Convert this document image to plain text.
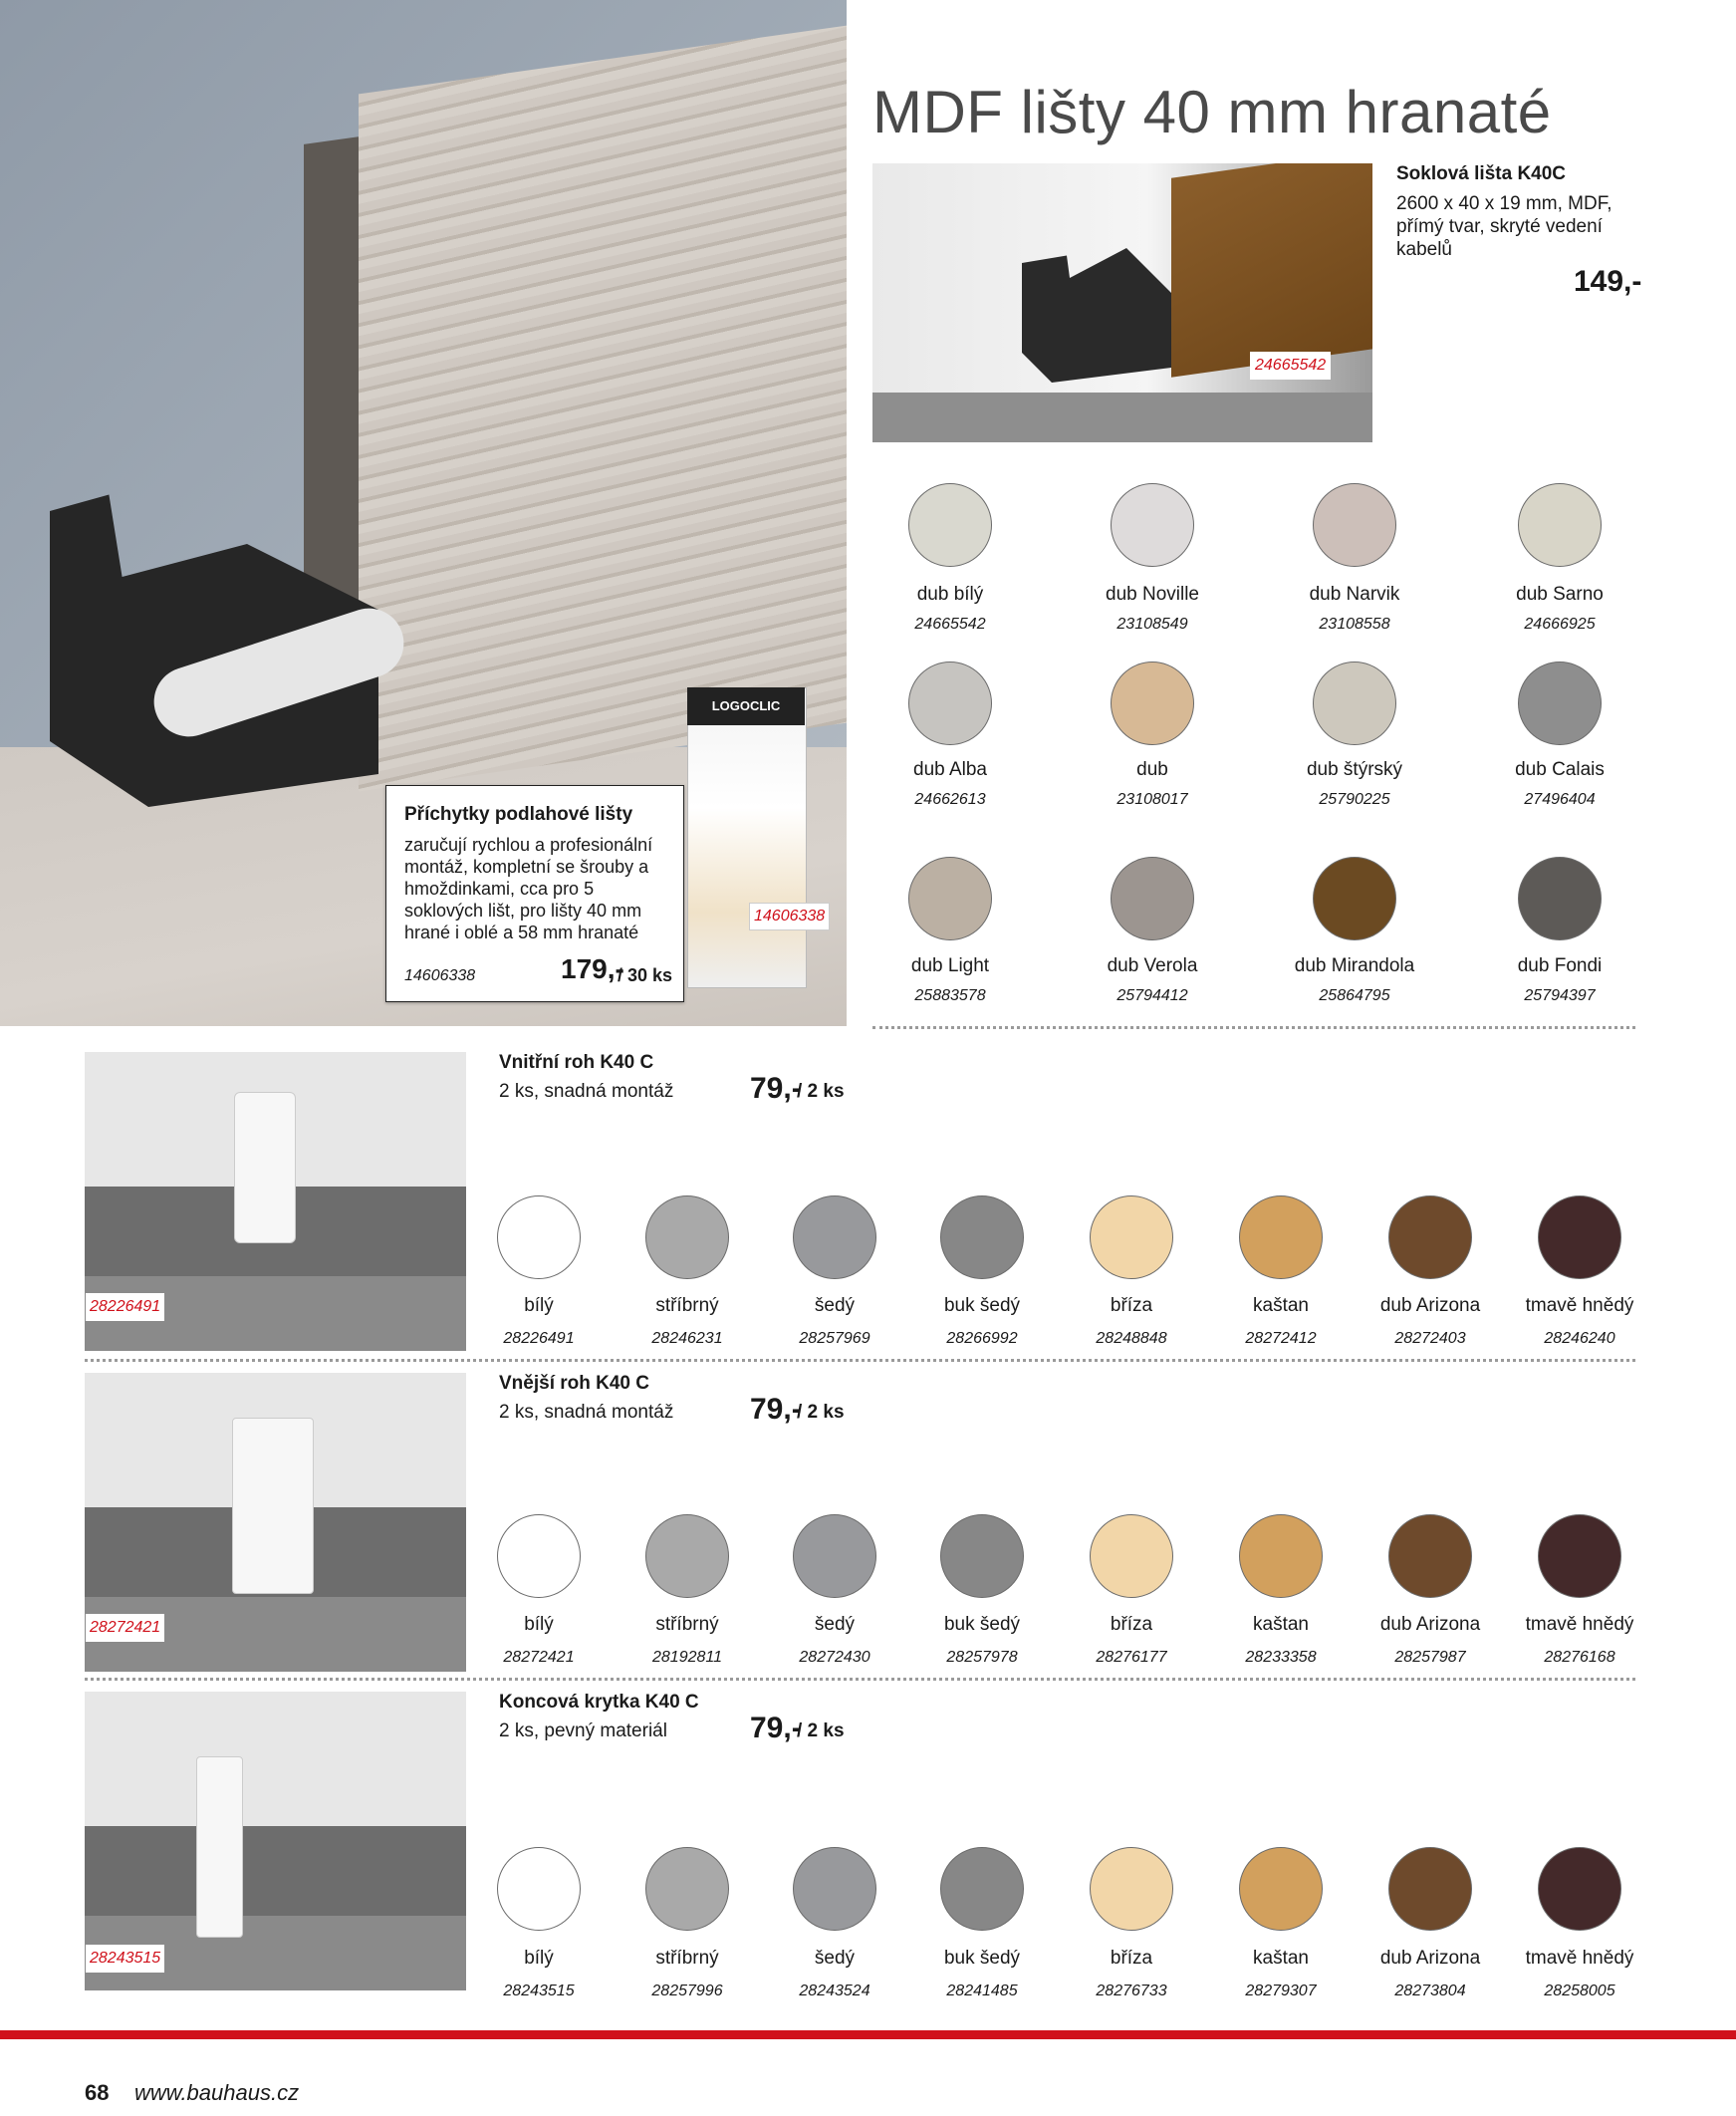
LOGOCLIC
14606338
Příchytky podlahové lišty
zaručují rychlou a profesionální montáž, kompletní se šrouby a hmoždinkami, cca pro 5 soklových lišt, pro lišty 40 mm hrané i oblé a 58 mm hranaté
14606338	179,-
/ 30 ks
MDF lišty 40 mm hranaté
24665542
Soklová lišta K40C
2600 x 40 x 19 mm, MDF, přímý tvar, skryté vedení kabelů
149,-
dub bílý
24665542
dub Noville
23108549
dub Narvik
23108558
dub Sarno
24666925
dub Alba
24662613
dub
23108017
dub štýrský
25790225
dub Calais
27496404
dub Light
25883578
dub Verola
25794412
dub Mirandola
25864795
dub Fondi
25794397
28226491
Vnitřní roh K40 C
2 ks, snadná montáž	79,-
/ 2 ks
bílý
28226491
stříbrný
28246231
šedý
28257969
buk šedý
28266992
bříza
28248848
kaštan
28272412
dub Arizona
28272403
tmavě hnědý
28246240
28272421
Vnější roh K40 C
2 ks, snadná montáž	79,-
/ 2 ks
bílý
28272421
stříbrný
28192811
šedý
28272430
buk šedý
28257978
bříza
28276177
kaštan
28233358
dub Arizona
28257987
tmavě hnědý
28276168
28243515
Koncová krytka K40 C
2 ks, pevný materiál	79,-
/ 2 ks
bílý
28243515
stříbrný
28257996
šedý
28243524
buk šedý
28241485
bříza
28276733
kaštan
28279307
dub Arizona
28273804
tmavě hnědý
28258005
68 www.bauhaus.cz
